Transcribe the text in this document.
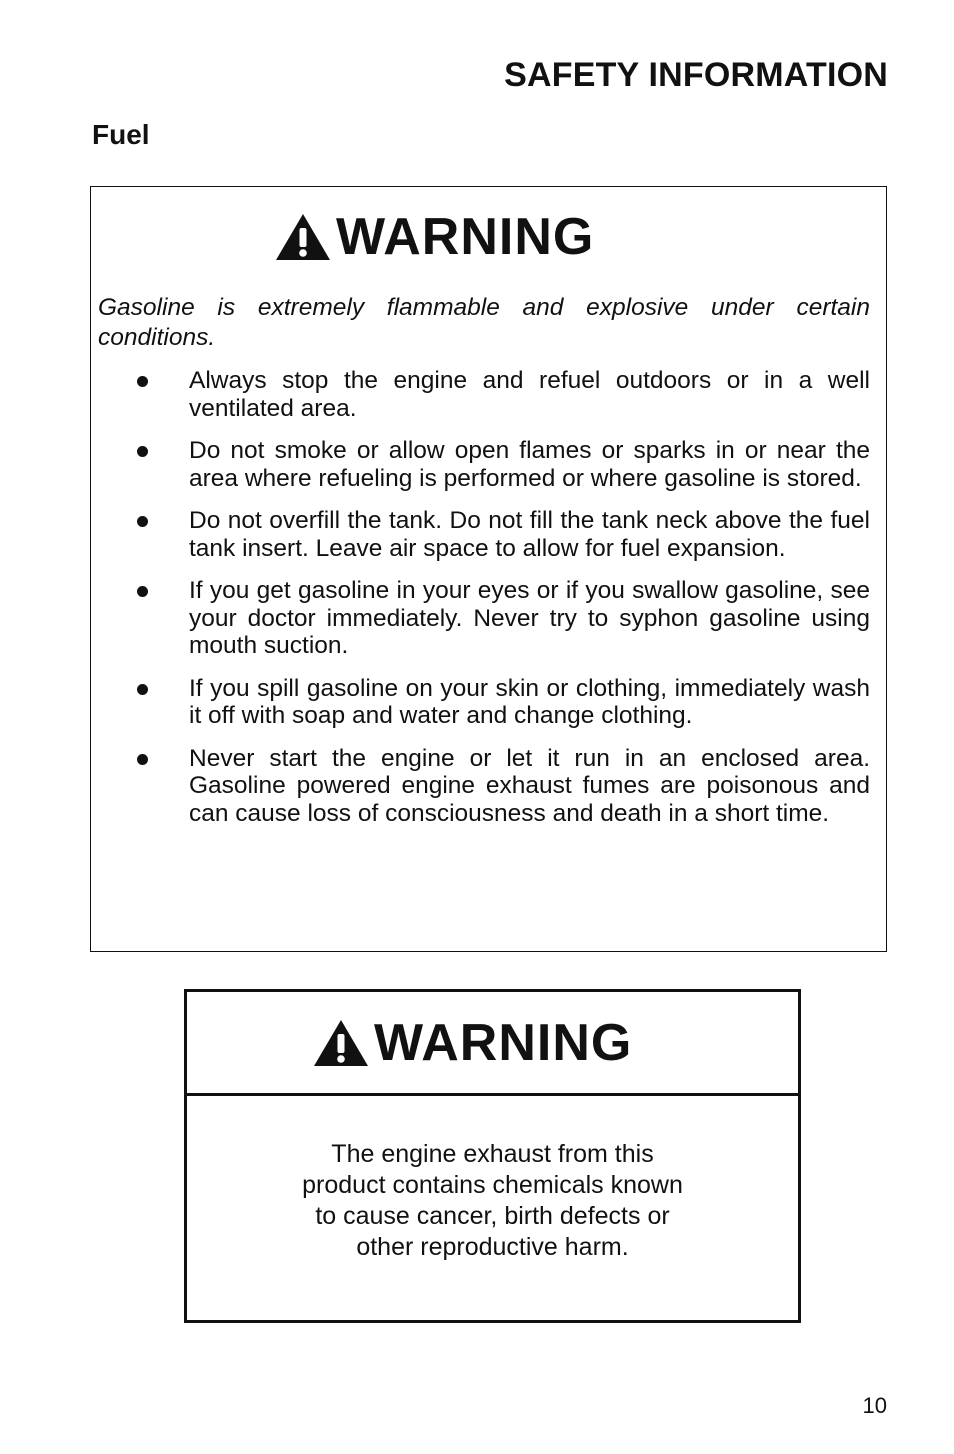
SAFETY INFORMATION
Fuel
WARNING
Gasoline is extremely flammable and explosive under certain conditions.
Always stop the engine and refuel outdoors or in a well ventilated area.
Do not smoke or allow open flames or sparks in or near the area where refueling is performed or where gasoline is stored.
Do not overfill the tank. Do not fill the tank neck above the fuel tank insert. Leave air space to allow for fuel expansion.
If you get gasoline in your eyes or if you swallow gasoline, see your doctor immediately. Never try to syphon gasoline using mouth suction.
If you spill gasoline on your skin or clothing, immediately wash it off with soap and water and change clothing.
Never start the engine or let it run in an enclosed area. Gasoline powered engine exhaust fumes are poisonous and can cause loss of consciousness and death in a short time.
WARNING
The engine exhaust from this
product contains chemicals known
to cause cancer, birth defects or
other reproductive harm.
10
